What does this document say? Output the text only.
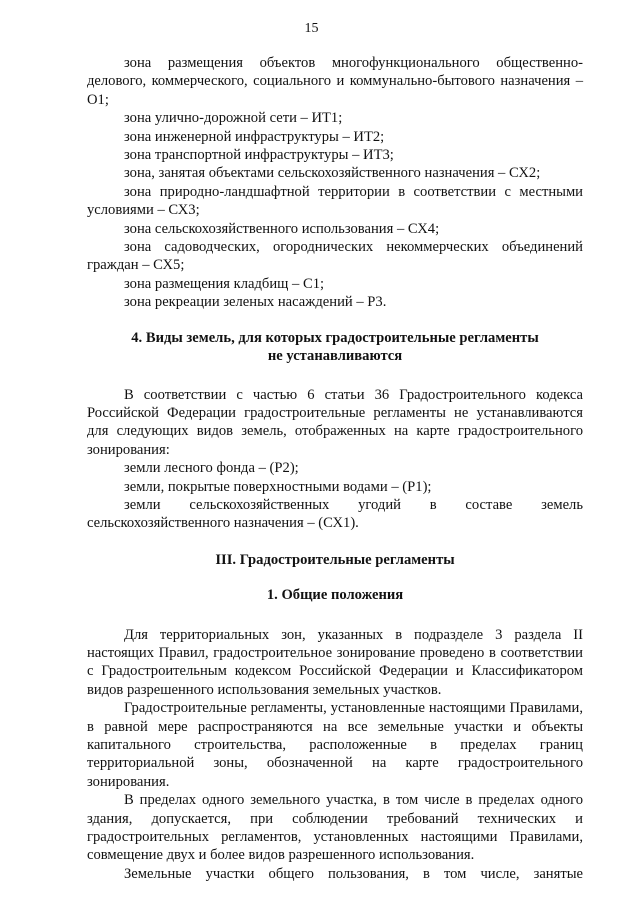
15

зона размещения объектов многофункционального общественно-делового, коммерческого, социального и коммунально-бытового назначения – О1;

зона улично-дорожной сети – ИТ1;

зона инженерной инфраструктуры – ИТ2;

зона транспортной инфраструктуры – ИТ3;

зона, занятая объектами сельскохозяйственного назначения – СХ2;

зона природно-ландшафтной территории в соответствии с местными условиями – СХ3;

зона сельскохозяйственного использования – СХ4;

зона садоводческих, огороднических некоммерческих объединений граждан – СХ5;

зона размещения кладбищ – С1;

зона рекреации зеленых насаждений – Р3.

4. Виды земель, для которых градостроительные регламенты
не устанавливаются

В соответствии с частью 6 статьи 36 Градостроительного кодекса Российской Федерации градостроительные регламенты не устанавливаются для следующих видов земель, отображенных на карте градостроительного зонирования:

земли лесного фонда – (Р2);

земли, покрытые поверхностными водами – (Р1);

земли сельскохозяйственных угодий в составе земель сельскохозяйственного назначения – (СХ1).

III. Градостроительные регламенты
1. Общие положения

Для территориальных зон, указанных в подразделе 3 раздела II настоящих Правил, градостроительное зонирование проведено в соответствии с Градостроительным кодексом Российской Федерации и Классификатором видов разрешенного использования земельных участков.

Градостроительные регламенты, установленные настоящими Правилами, в равной мере распространяются на все земельные участки и объекты капитального строительства, расположенные в пределах границ территориальной зоны, обозначенной на карте градостроительного зонирования.

В пределах одного земельного участка, в том числе в пределах одного здания, допускается, при соблюдении требований технических и градостроительных регламентов, установленных настоящими Правилами, совмещение двух и более видов разрешенного использования.

Земельные участки общего пользования, в том числе, занятые
